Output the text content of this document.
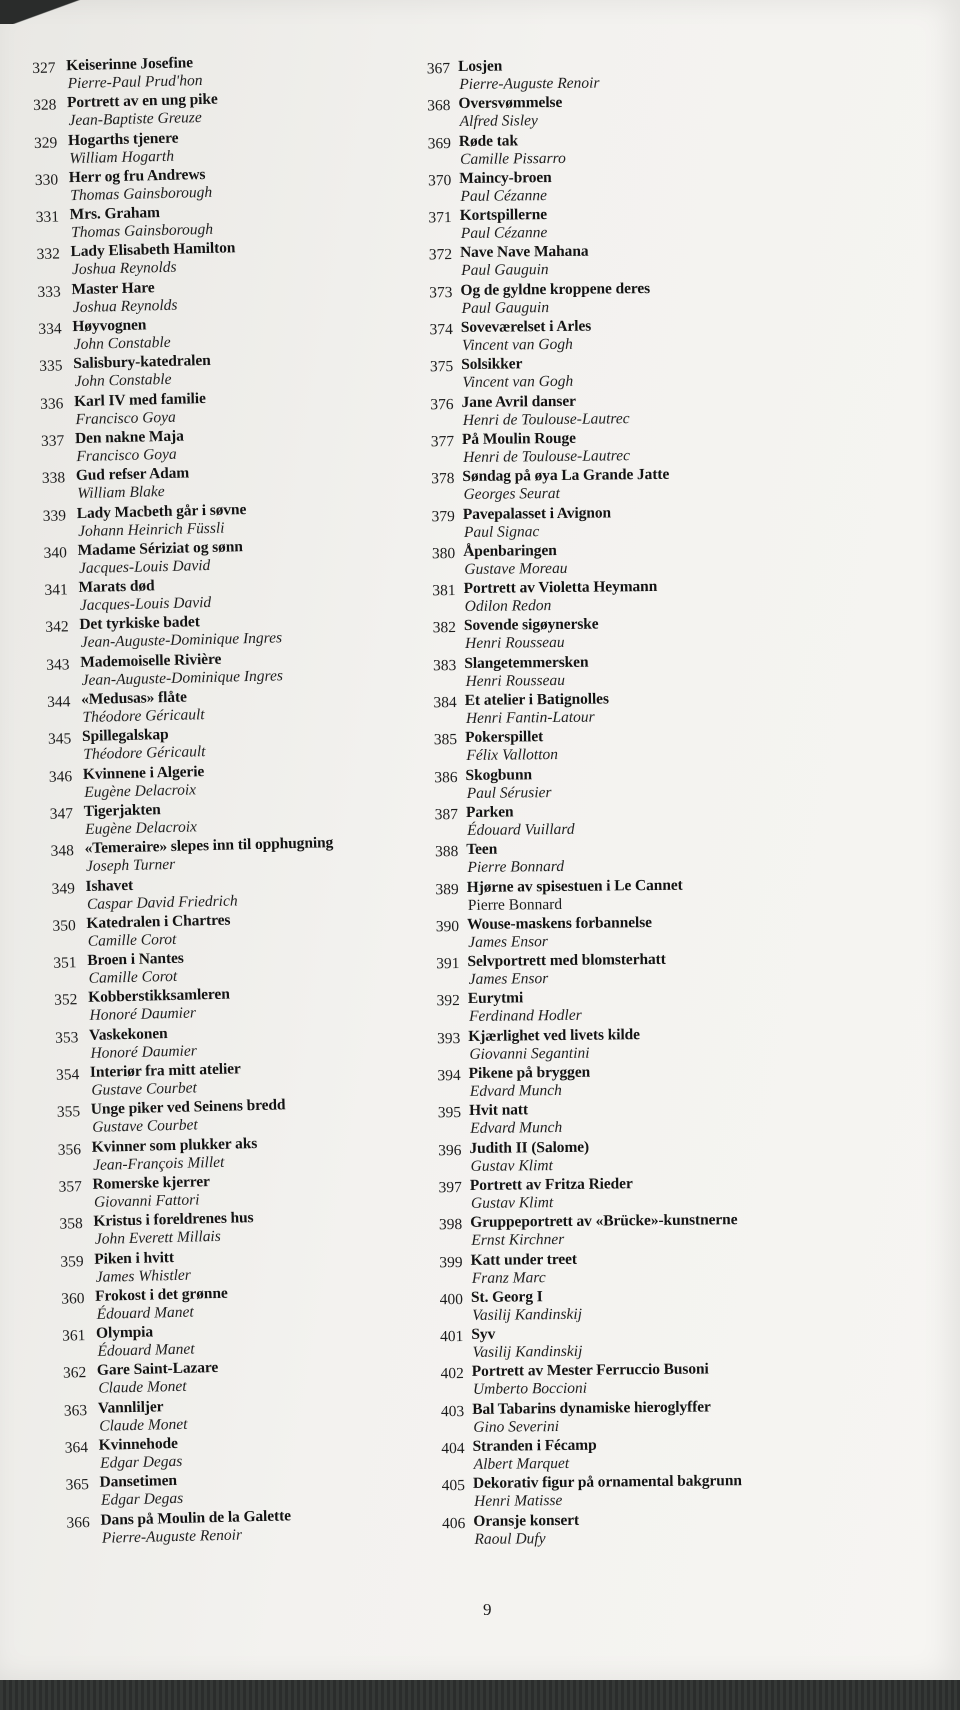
327 Keiserinne Josefine
Pierre-Paul Prud'hon
328 Portrett av en ung pike
Jean-Baptiste Greuze
329 Hogarths tjenere
William Hogarth
330 Herr og fru Andrews
Thomas Gainsborough
331 Mrs. Graham
Thomas Gainsborough
332 Lady Elisabeth Hamilton
Joshua Reynolds
333 Master Hare
Joshua Reynolds
334 Høyvognen
John Constable
335 Salisbury-katedralen
John Constable
336 Karl IV med familie
Francisco Goya
337 Den nakne Maja
Francisco Goya
338 Gud refser Adam
William Blake
339 Lady Macbeth går i søvne
Johann Heinrich Füssli
340 Madame Sériziat og sønn
Jacques-Louis David
341 Marats død
Jacques-Louis David
342 Det tyrkiske badet
Jean-Auguste-Dominique Ingres
343 Mademoiselle Rivière
Jean-Auguste-Dominique Ingres
344 «Medusas» flåte
Théodore Géricault
345 Spillegalskap
Théodore Géricault
346 Kvinnene i Algerie
Eugène Delacroix
347 Tigerjakten
Eugène Delacroix
348 «Temeraire» slepes inn til opphugning
Joseph Turner
349 Ishavet
Caspar David Friedrich
350 Katedralen i Chartres
Camille Corot
351 Broen i Nantes
Camille Corot
352 Kobberstikksamleren
Honoré Daumier
353 Vaskekonen
Honoré Daumier
354 Interiør fra mitt atelier
Gustave Courbet
355 Unge piker ved Seinens bredd
Gustave Courbet
356 Kvinner som plukker aks
Jean-François Millet
357 Romerske kjerrer
Giovanni Fattori
358 Kristus i foreldrenes hus
John Everett Millais
359 Piken i hvitt
James Whistler
360 Frokost i det grønne
Édouard Manet
361 Olympia
Édouard Manet
362 Gare Saint-Lazare
Claude Monet
363 Vannliljer
Claude Monet
364 Kvinnehode
Edgar Degas
365 Dansetimen
Edgar Degas
366 Dans på Moulin de la Galette
Pierre-Auguste Renoir
367 Losjen
Pierre-Auguste Renoir
368 Oversvømmelse
Alfred Sisley
369 Røde tak
Camille Pissarro
370 Maincy-broen
Paul Cézanne
371 Kortspillerne
Paul Cézanne
372 Nave Nave Mahana
Paul Gauguin
373 Og de gyldne kroppene deres
Paul Gauguin
374 Soveværelset i Arles
Vincent van Gogh
375 Solsikker
Vincent van Gogh
376 Jane Avril danser
Henri de Toulouse-Lautrec
377 På Moulin Rouge
Henri de Toulouse-Lautrec
378 Søndag på øya La Grande Jatte
Georges Seurat
379 Pavepalasset i Avignon
Paul Signac
380 Åpenbaringen
Gustave Moreau
381 Portrett av Violetta Heymann
Odilon Redon
382 Sovende sigøynerske
Henri Rousseau
383 Slangetemmersken
Henri Rousseau
384 Et atelier i Batignolles
Henri Fantin-Latour
385 Pokerspillet
Félix Vallotton
386 Skogbunn
Paul Sérusier
387 Parken
Édouard Vuillard
388 Teen
Pierre Bonnard
389 Hjørne av spisestuen i Le Cannet
Pierre Bonnard
390 Wouse-maskens forbannelse
James Ensor
391 Selvportrett med blomsterhatt
James Ensor
392 Eurytmi
Ferdinand Hodler
393 Kjærlighet ved livets kilde
Giovanni Segantini
394 Pikene på bryggen
Edvard Munch
395 Hvit natt
Edvard Munch
396 Judith II (Salome)
Gustav Klimt
397 Portrett av Fritza Rieder
Gustav Klimt
398 Gruppeportrett av «Brücke»-kunstnerne
Ernst Kirchner
399 Katt under treet
Franz Marc
400 St. Georg I
Vasilij Kandinskij
401 Syv
Vasilij Kandinskij
402 Portrett av Mester Ferruccio Busoni
Umberto Boccioni
403 Bal Tabarins dynamiske hieroglyffer
Gino Severini
404 Stranden i Fécamp
Albert Marquet
405 Dekorativ figur på ornamental bakgrunn
Henri Matisse
406 Oransje konsert
Raoul Dufy
9
